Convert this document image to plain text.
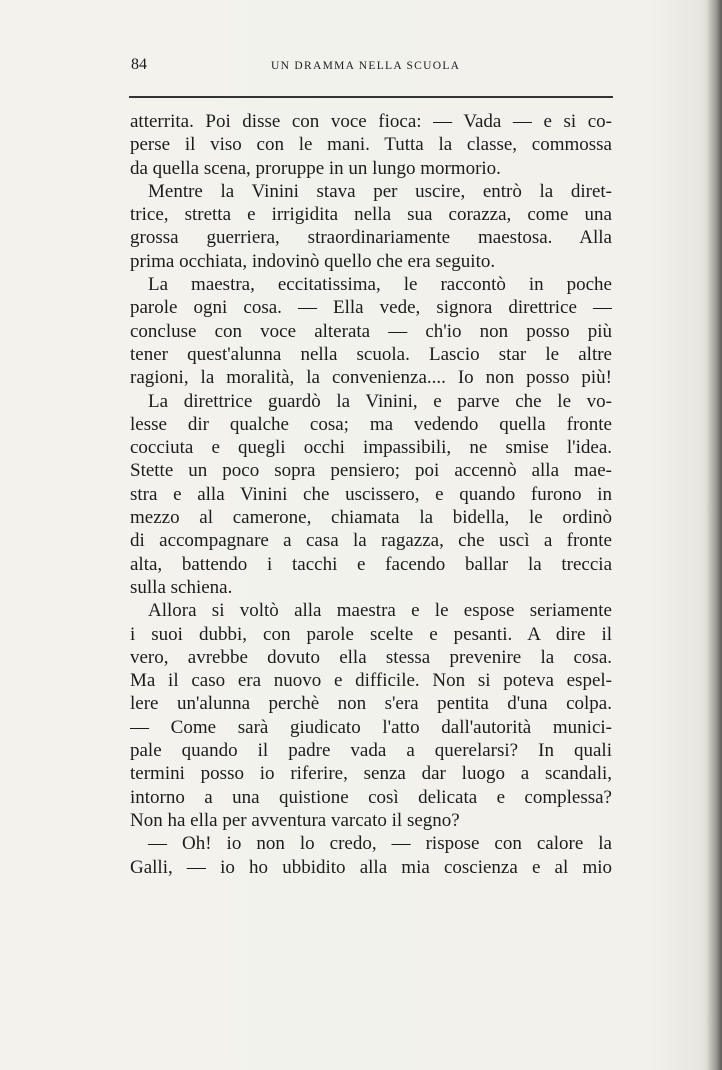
84	UN DRAMMA NELLA SCUOLA
atterrita. Poi disse con voce fioca: — Vada — e si co-
perse il viso con le mani. Tutta la classe, commossa
da quella scena, proruppe in un lungo mormorio.
Mentre la Vinini stava per uscire, entrò la diret-
trice, stretta e irrigidita nella sua corazza, come una
grossa guerriera, straordinariamente maestosa. Alla
prima occhiata, indovinò quello che era seguito.
La maestra, eccitatissima, le raccontò in poche
parole ogni cosa. — Ella vede, signora direttrice —
concluse con voce alterata — ch'io non posso più
tener quest'alunna nella scuola. Lascio star le altre
ragioni, la moralità, la convenienza.... Io non posso più!
La direttrice guardò la Vinini, e parve che le vo-
lesse dir qualche cosa; ma vedendo quella fronte
cocciuta e quegli occhi impassibili, ne smise l'idea.
Stette un poco sopra pensiero; poi accennò alla mae-
stra e alla Vinini che uscissero, e quando furono in
mezzo al camerone, chiamata la bidella, le ordinò
di accompagnare a casa la ragazza, che uscì a fronte
alta, battendo i tacchi e facendo ballar la treccia
sulla schiena.
Allora si voltò alla maestra e le espose seriamente
i suoi dubbi, con parole scelte e pesanti. A dire il
vero, avrebbe dovuto ella stessa prevenire la cosa.
Ma il caso era nuovo e difficile. Non si poteva espel-
lere un'alunna perchè non s'era pentita d'una colpa.
— Come sarà giudicato l'atto dall'autorità munici-
pale quando il padre vada a querelarsi? In quali
termini posso io riferire, senza dar luogo a scandali,
intorno a una quistione così delicata e complessa?
Non ha ella per avventura varcato il segno?
— Oh! io non lo credo, — rispose con calore la
Galli, — io ho ubbidito alla mia coscienza e al mio
